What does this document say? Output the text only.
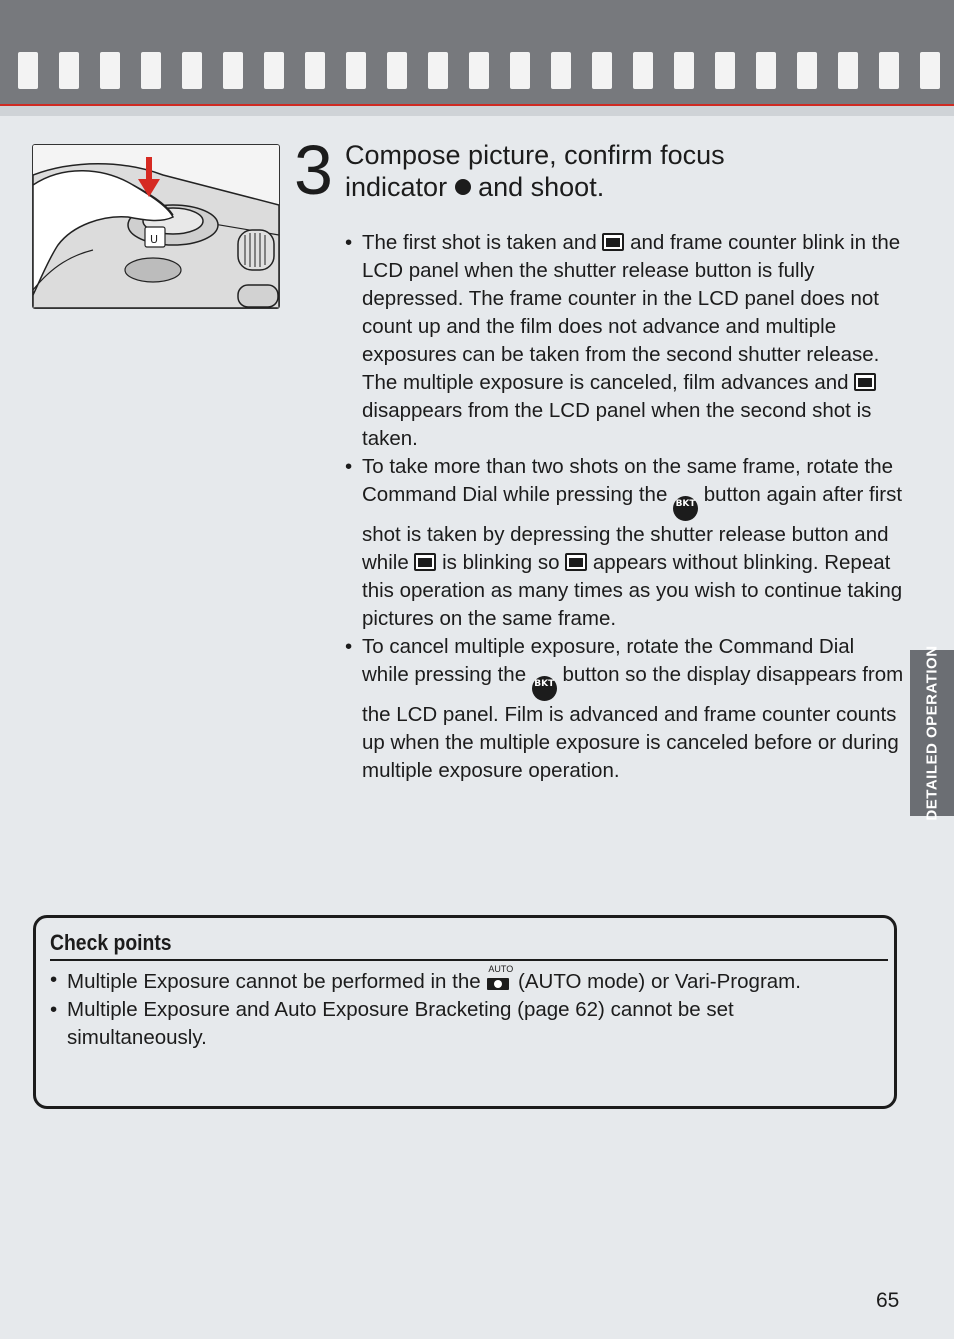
U
3 Compose picture, confirm focus
indicator and shoot.

• The first shot is taken and  and frame counter blink in the LCD panel when the shutter release button is fully depressed. The frame counter in the LCD panel does not count up and the film does not advance and multiple exposures can be taken from the second shutter release. The multiple exposure is canceled, film advances and  disappears from the LCD panel when the second shot is taken.

• To take more than two shots on the same frame, rotate the Command Dial while pressing the BKT button again after first shot is taken by depressing the shutter release button and while  is blinking so  appears without blinking. Repeat this operation as many times as you wish to continue taking pictures on the same frame.

• To cancel multiple exposure, rotate the Command Dial while pressing the BKT button so the display disappears from the LCD panel. Film is advanced and frame counter counts up when the multiple exposure is canceled before or during multiple exposure operation.	DETAILED OPERATION

Check points

• Multiple Exposure cannot be performed in the
AUTO
(AUTO mode) or Vari-Program.

• Multiple Exposure and Auto Exposure Bracketing (page 62) cannot be set simultaneously.

65
